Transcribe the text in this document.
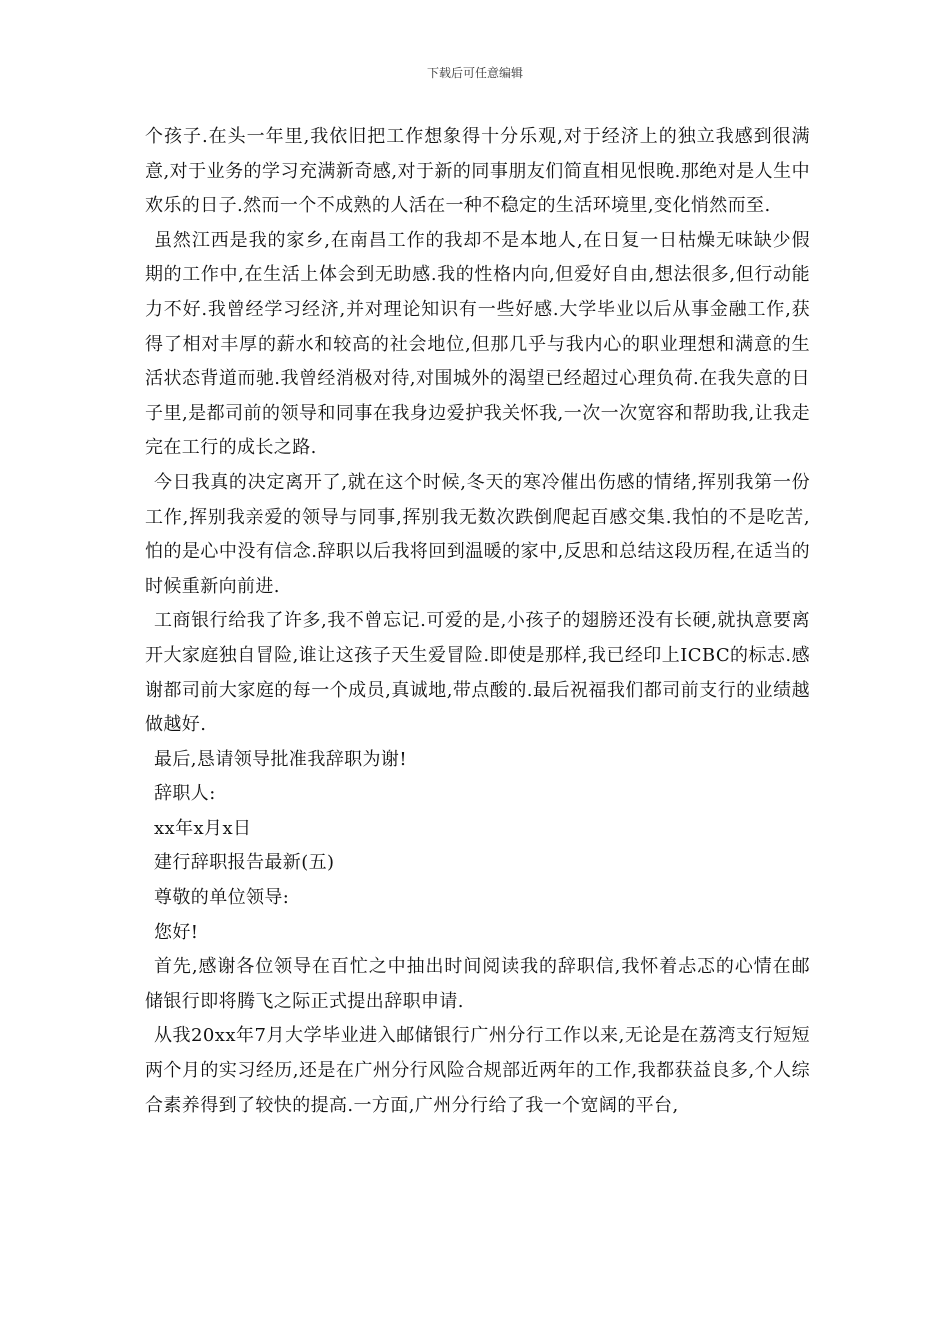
下载后可任意编辑

个孩子.在头一年里,我依旧把工作想象得十分乐观,对于经济上的独立我感到很满意,对于业务的学习充满新奇感,对于新的同事朋友们简直相见恨晚.那绝对是人生中欢乐的日子.然而一个不成熟的人活在一种不稳定的生活环境里,变化悄然而至.

虽然江西是我的家乡,在南昌工作的我却不是本地人,在日复一日枯燥无味缺少假期的工作中,在生活上体会到无助感.我的性格内向,但爱好自由,想法很多,但行动能力不好.我曾经学习经济,并对理论知识有一些好感.大学毕业以后从事金融工作,获得了相对丰厚的薪水和较高的社会地位,但那几乎与我内心的职业理想和满意的生活状态背道而驰.我曾经消极对待,对围城外的渴望已经超过心理负荷.在我失意的日子里,是都司前的领导和同事在我身边爱护我关怀我,一次一次宽容和帮助我,让我走完在工行的成长之路.

今日我真的决定离开了,就在这个时候,冬天的寒冷催出伤感的情绪,挥别我第一份工作,挥别我亲爱的领导与同事,挥别我无数次跌倒爬起百感交集.我怕的不是吃苦,怕的是心中没有信念.辞职以后我将回到温暖的家中,反思和总结这段历程,在适当的时候重新向前进.

工商银行给我了许多,我不曾忘记.可爱的是,小孩子的翅膀还没有长硬,就执意要离开大家庭独自冒险,谁让这孩子天生爱冒险.即使是那样,我已经印上ICBC的标志.感谢都司前大家庭的每一个成员,真诚地,带点酸的.最后祝福我们都司前支行的业绩越做越好.

最后,恳请领导批准我辞职为谢!

辞职人:

xx年x月x日

建行辞职报告最新(五)

尊敬的单位领导:

您好!

首先,感谢各位领导在百忙之中抽出时间阅读我的辞职信,我怀着忐忑的心情在邮储银行即将腾飞之际正式提出辞职申请.

从我20xx年7月大学毕业进入邮储银行广州分行工作以来,无论是在荔湾支行短短两个月的实习经历,还是在广州分行风险合规部近两年的工作,我都获益良多,个人综合素养得到了较快的提高.一方面,广州分行给了我一个宽阔的平台,
